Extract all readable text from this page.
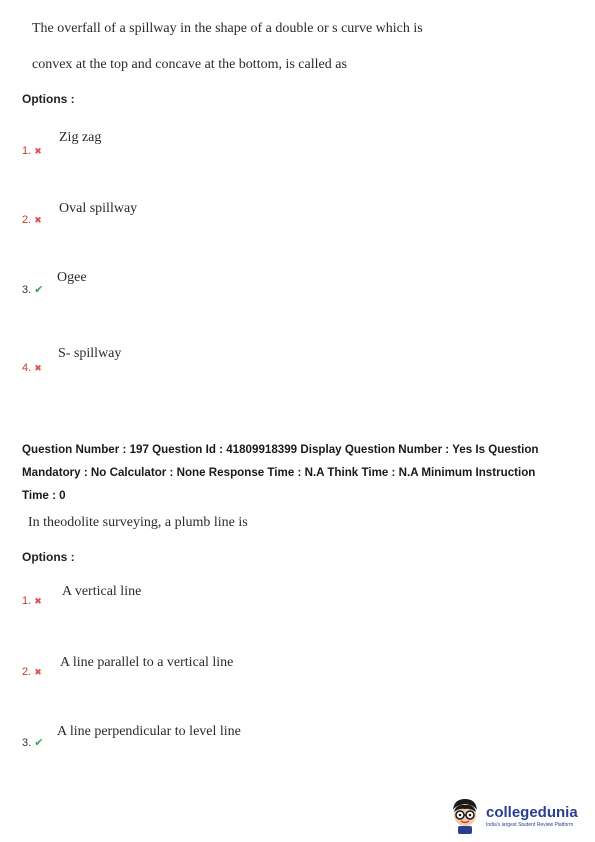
The overfall of a spillway in the shape of a double or s curve which is
convex at the top and concave at the bottom, is called as
Options :
1. ✖
Zig zag
2. ✖
Oval spillway
3. ✔
Ogee
4. ✖
S- spillway
Question Number : 197 Question Id : 41809918399 Display Question Number : Yes Is Question
Mandatory : No Calculator : None Response Time : N.A Think Time : N.A Minimum Instruction
Time : 0
In theodolite surveying, a plumb line is
Options :
1. ✖
A vertical line
2. ✖
A line parallel to a vertical line
3. ✔
A line perpendicular to level line
collegedunia
India's largest Student Review Platform
